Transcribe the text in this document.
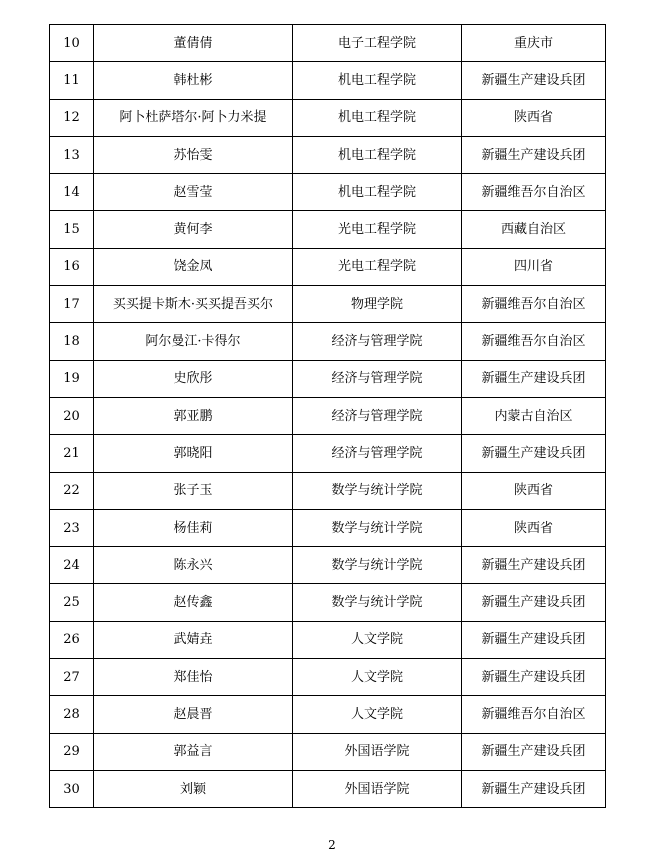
10	董倩倩	电子工程学院	重庆市
11	韩杜彬	机电工程学院	新疆生产建设兵团
12	阿卜杜萨塔尔·阿卜力米提	机电工程学院	陕西省
13	苏怡雯	机电工程学院	新疆生产建设兵团
14	赵雪莹	机电工程学院	新疆维吾尔自治区
15	黄何李	光电工程学院	西藏自治区
16	饶金凤	光电工程学院	四川省
17	买买提卡斯木·买买提吾买尔	物理学院	新疆维吾尔自治区
18	阿尔曼江·卡得尔	经济与管理学院	新疆维吾尔自治区
19	史欣彤	经济与管理学院	新疆生产建设兵团
20	郭亚鹏	经济与管理学院	内蒙古自治区
21	郭晓阳	经济与管理学院	新疆生产建设兵团
22	张子玉	数学与统计学院	陕西省
23	杨佳莉	数学与统计学院	陕西省
24	陈永兴	数学与统计学院	新疆生产建设兵团
25	赵传鑫	数学与统计学院	新疆生产建设兵团
26	武婧垚	人文学院	新疆生产建设兵团
27	郑佳怡	人文学院	新疆生产建设兵团
28	赵晨晋	人文学院	新疆维吾尔自治区
29	郭益言	外国语学院	新疆生产建设兵团
30	刘颖	外国语学院	新疆生产建设兵团
2
